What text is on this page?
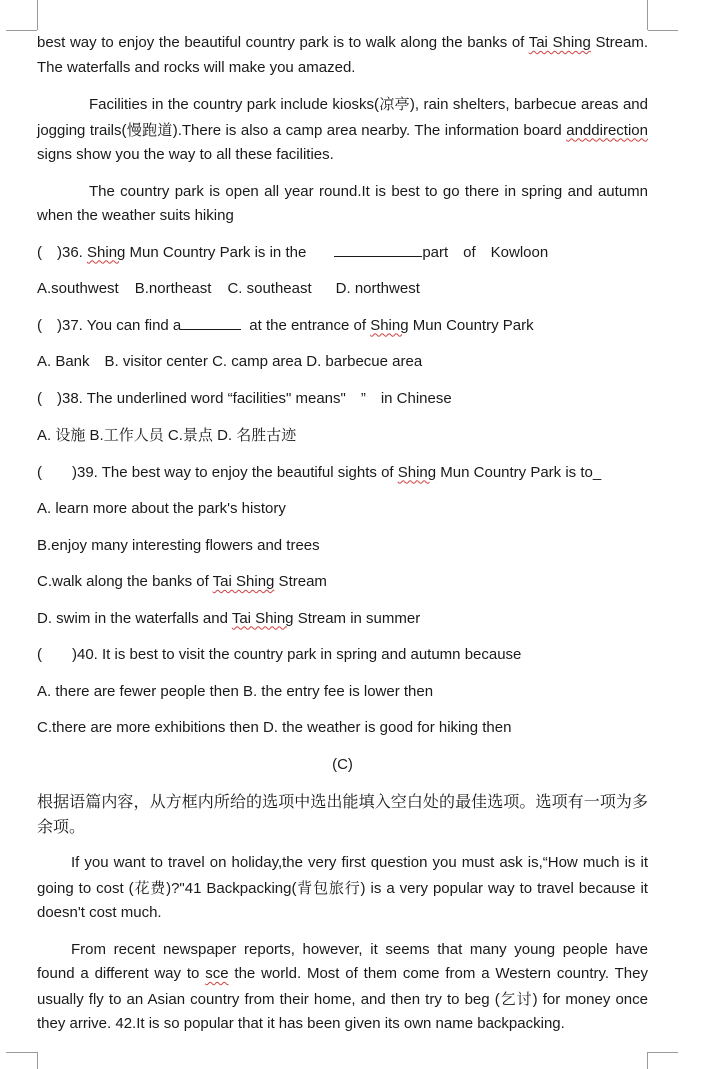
best way to enjoy the beautiful country park is to walk along the banks of Tai Shing Stream. The waterfalls and rocks will make you amazed.

Facilities in the country park include kiosks(凉亭), rain shelters, barbecue areas and jogging trails(慢跑道).There is also a camp area nearby. The information board anddirection signs show you the way to all these facilities.

The country park is open all year round.It is best to go there in spring and autumn when the weather suits hiking

(　)36. Shing Mun Country Park is in the	part　of　Kowloon

A.southwest B.northeast C. southeast D. northwest

(　)37. You can find a	at the entrance of Shing Mun Country Park

A. Bank　B. visitor center C. camp area D. barbecue area

(　)38. The underlined word “facilities" means"　”　in Chinese

A. 设施 B.工作人员 C.景点 D. 名胜古迹

(　　)39. The best way to enjoy the beautiful sights of Shing Mun Country Park is to_

A. learn more about the park's history

B.enjoy many interesting flowers and trees

C.walk along the banks of Tai Shing Stream

D. swim in the waterfalls and Tai Shing Stream in summer

(　　)40. It is best to visit the country park in spring and autumn because

A. there are fewer people then B. the entry fee is lower then

C.there are more exhibitions then D. the weather is good for hiking then

(C)

根据语篇内容，从方框内所给的选项中选出能填入空白处的最佳选项。选项有一项为多余项。

If you want to travel on holiday,the very first question you must ask is,“How much is it going to cost (花费)?"41 Backpacking(背包旅行) is a very popular way to travel because it doesn't cost much.

From recent newspaper reports, however, it seems that many young people have found a different way to sce the world. Most of them come from a Western country. They usually fly to an Asian country from their home, and then try to beg (乞讨) for money once they arrive. 42.It is so popular that it has been given its own name backpacking.
